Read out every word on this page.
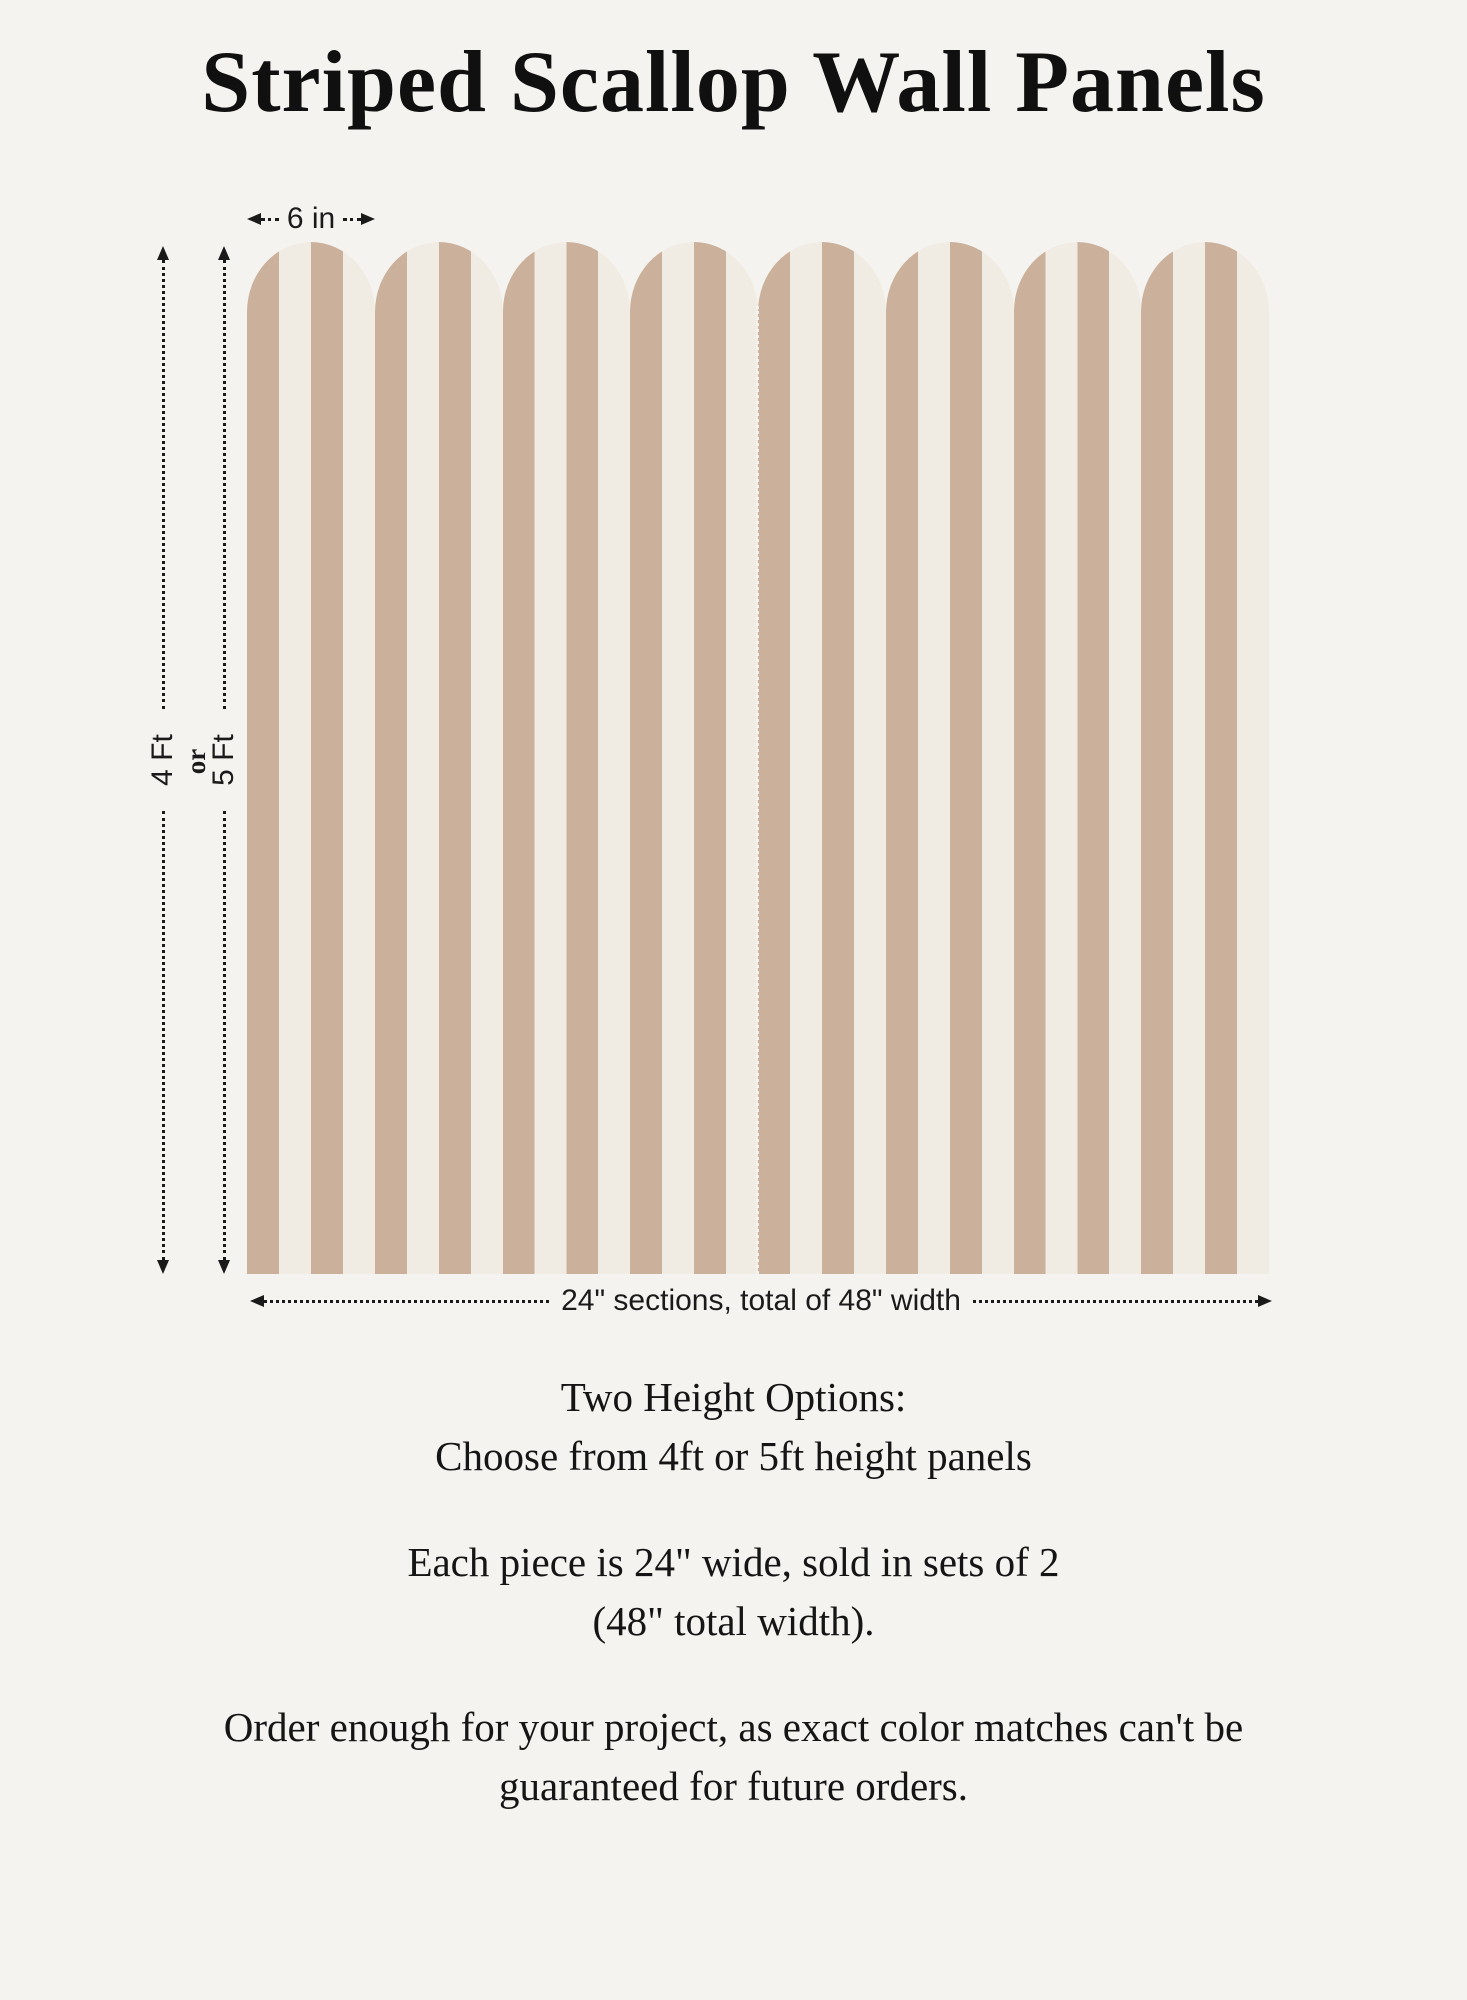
Striped Scallop Wall Panels
6 in
4 Ft or
5 Ft
24" sections, total of 48" width

Two Height Options:
Choose from 4ft or 5ft height panels

Each piece is 24" wide, sold in sets of 2
(48" total width).

Order enough for your project, as exact color matches can't be
guaranteed for future orders.
